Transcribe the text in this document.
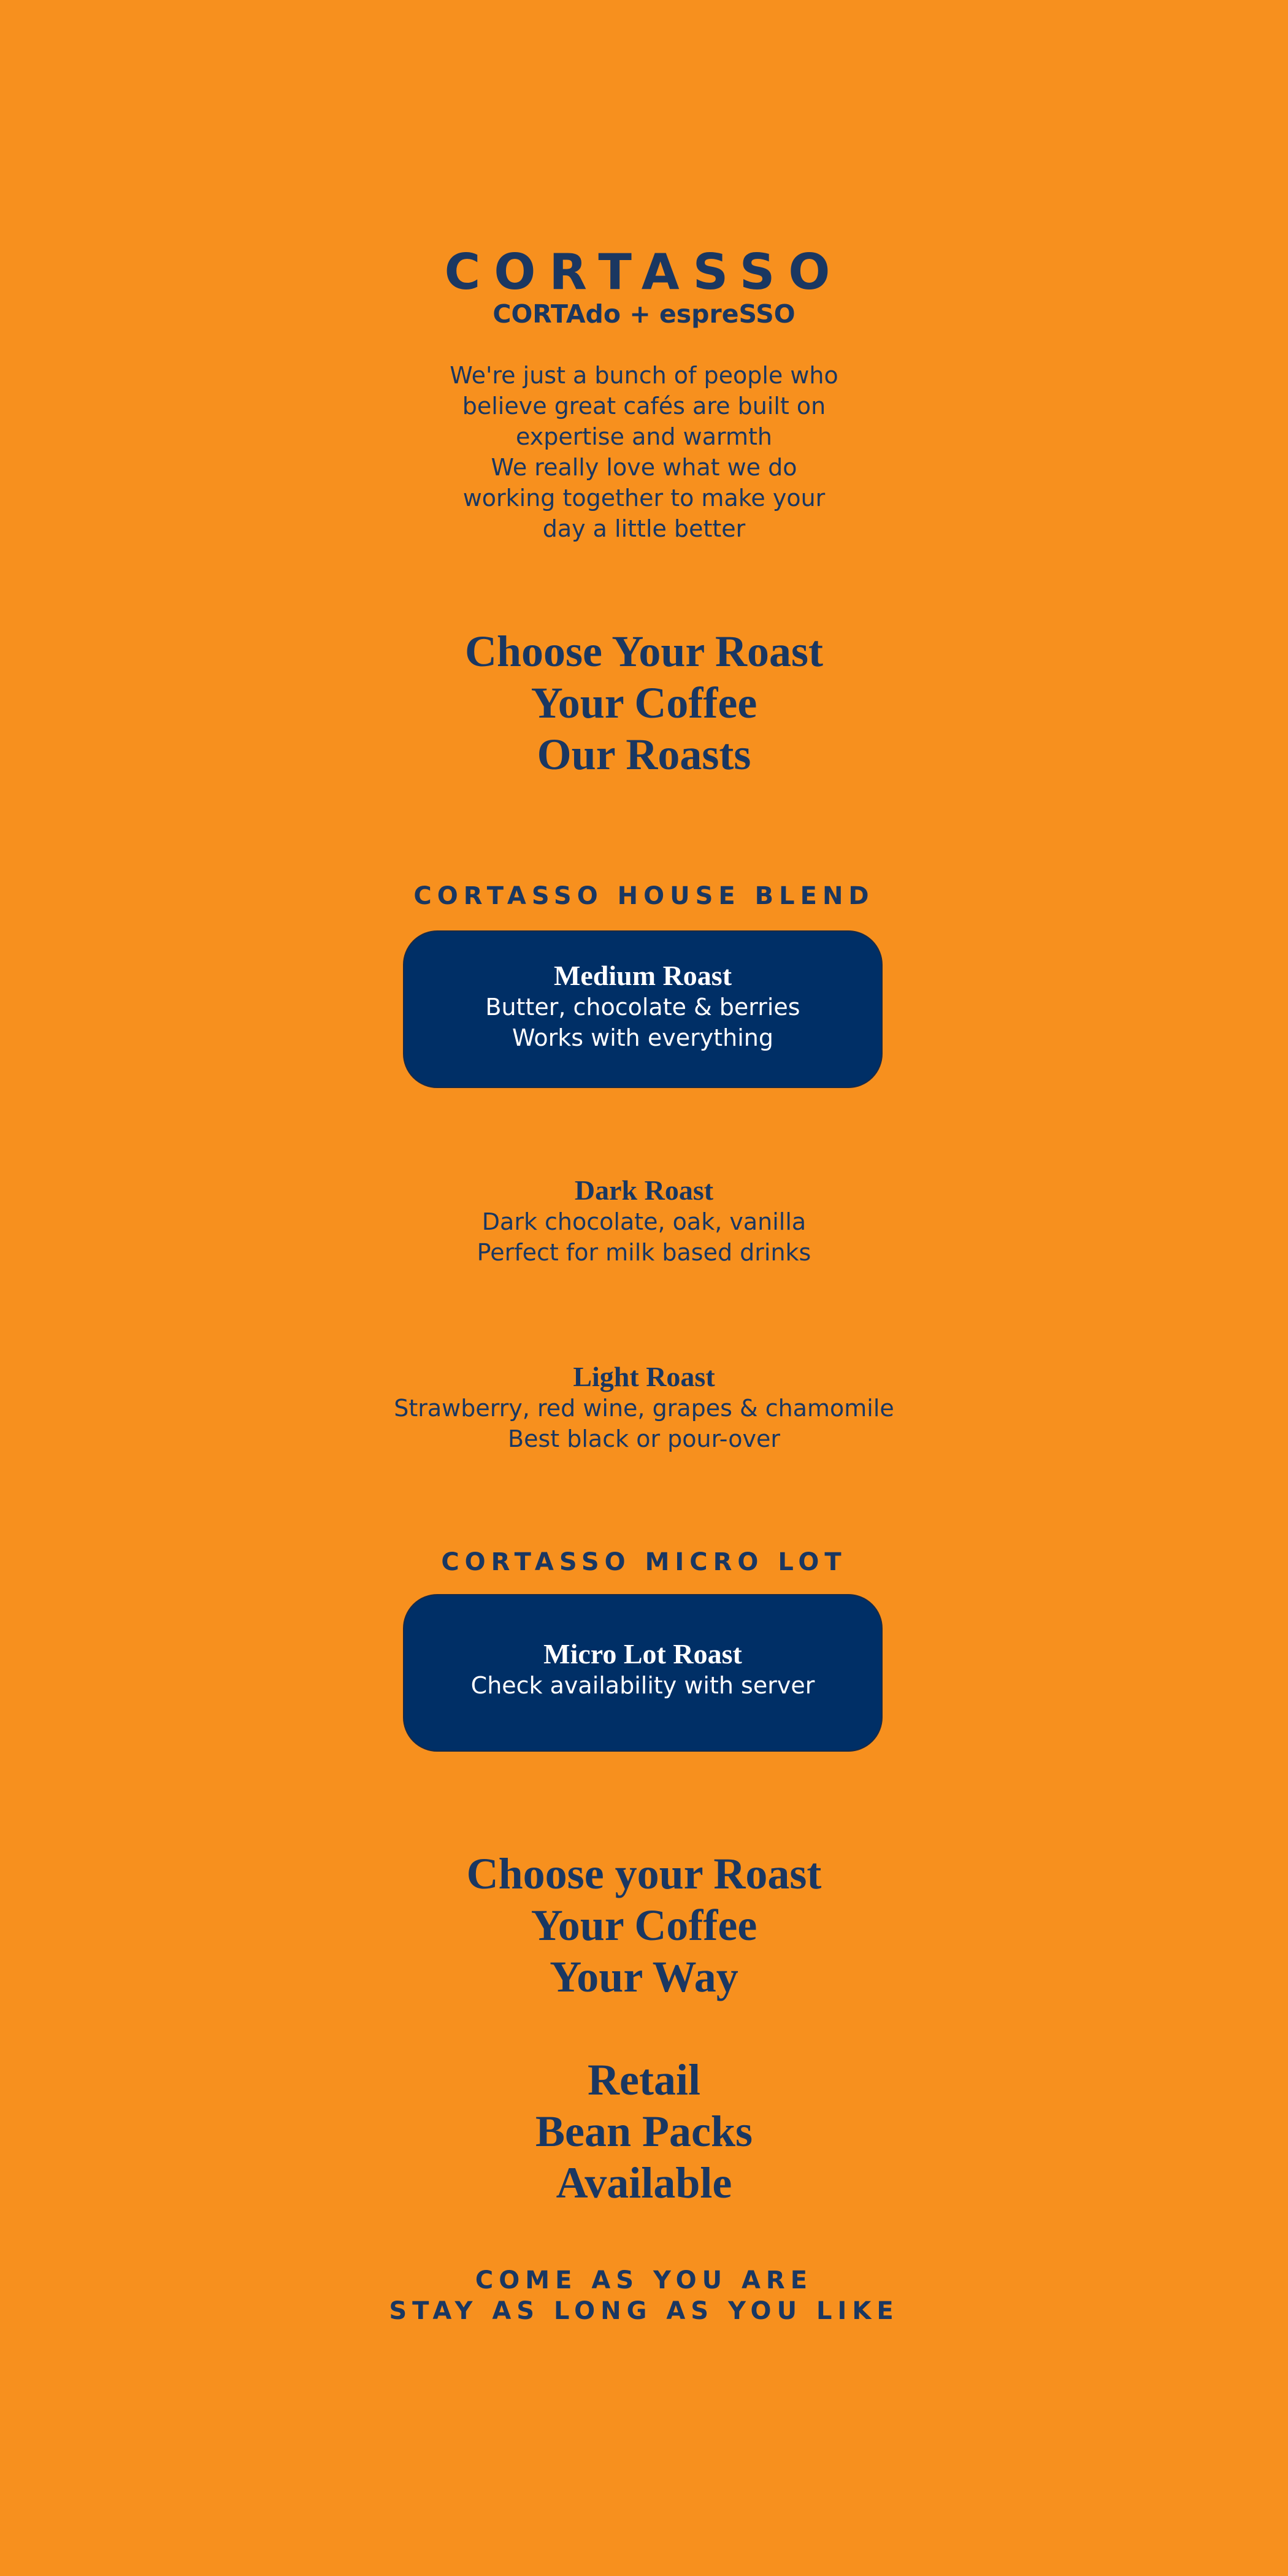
CORTASSO
CORTAdo + espreSSO
We're just a bunch of people who
believe great cafés are built on
expertise and warmth
We really love what we do
working together to make your
day a little better
Choose Your Roast
Your Coffee
Our Roasts
CORTASSO HOUSE BLEND
Medium Roast
Butter, chocolate & berries
Works with everything
Dark Roast
Dark chocolate, oak, vanilla
Perfect for milk based drinks
Light Roast
Strawberry, red wine, grapes & chamomile
Best black or pour-over
CORTASSO MICRO LOT
Micro Lot Roast
Check availability with server
Choose your Roast
Your Coffee
Your Way
Retail
Bean Packs
Available
COME AS YOU ARE
STAY AS LONG AS YOU LIKE
